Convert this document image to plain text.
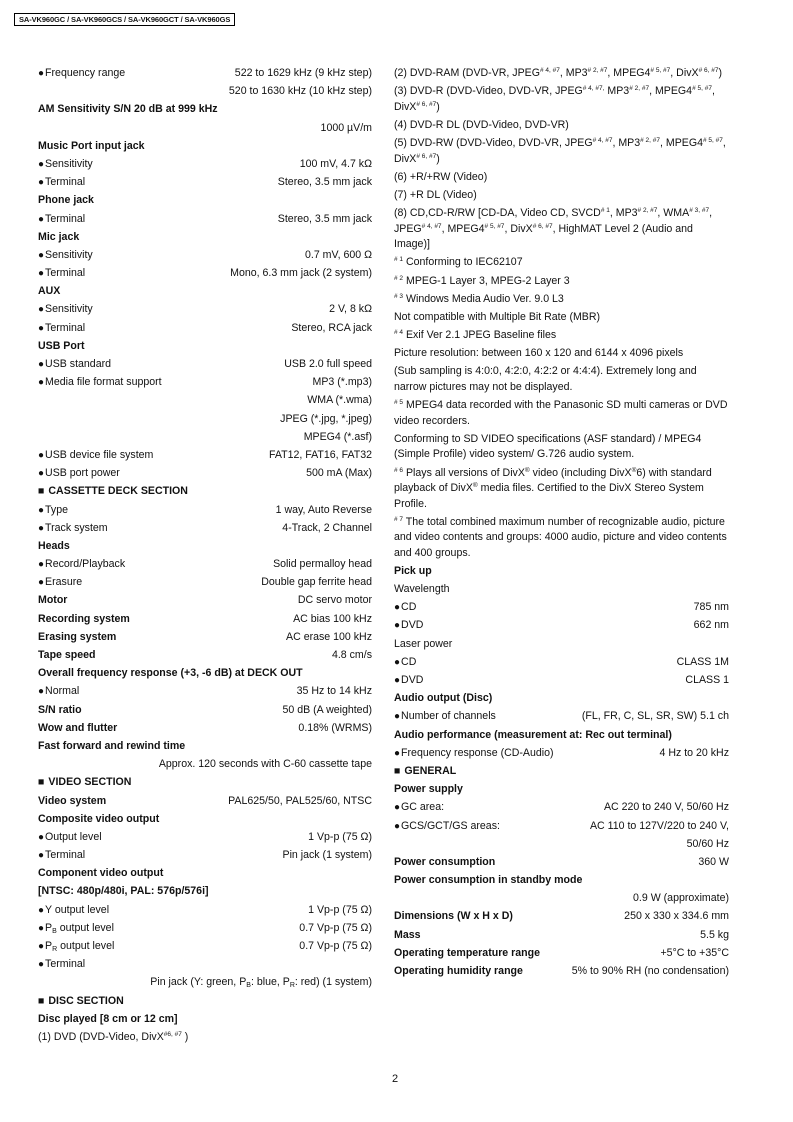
SA-VK960GC / SA-VK960GCS / SA-VK960GCT / SA-VK960GS
● Frequency range	522 to 1629 kHz (9 kHz step)
520 to 1630 kHz (10 kHz step)
AM Sensitivity S/N 20 dB at 999 kHz
1000 µV/m
Music Port input jack
● Sensitivity	100 mV, 4.7 kΩ
● Terminal	Stereo, 3.5 mm jack
Phone jack
● Terminal	Stereo, 3.5 mm jack
Mic jack
● Sensitivity	0.7 mV, 600 Ω
● Terminal	Mono, 6.3 mm jack (2 system)
AUX
● Sensitivity	2 V, 8 kΩ
● Terminal	Stereo, RCA jack
USB Port
● USB standard	USB 2.0 full speed
● Media file format support	MP3 (*.mp3)
WMA (*.wma)
JPEG (*.jpg, *.jpeg)
MPEG4 (*.asf)
● USB device file system	FAT12, FAT16, FAT32
● USB port power	500 mA (Max)
■ CASSETTE DECK SECTION
● Type	1 way, Auto Reverse
● Track system	4-Track, 2 Channel
Heads
● Record/Playback	Solid permalloy head
● Erasure	Double gap ferrite head
Motor	DC servo motor
Recording system	AC bias 100 kHz
Erasing system	AC erase 100 kHz
Tape speed	4.8 cm/s
Overall frequency response (+3, -6 dB) at DECK OUT
● Normal	35 Hz to 14 kHz
S/N ratio	50 dB (A weighted)
Wow and flutter	0.18% (WRMS)
Fast forward and rewind time
Approx. 120 seconds with C-60 cassette tape
■ VIDEO SECTION
Video system	PAL625/50, PAL525/60, NTSC
Composite video output
● Output level	1 Vp-p (75 Ω)
● Terminal	Pin jack (1 system)
Component video output
[NTSC: 480p/480i, PAL: 576p/576i]
● Y output level	1 Vp-p (75 Ω)
● $P_B$ output level	0.7 Vp-p (75 Ω)
● $P_R$ output level	0.7 Vp-p (75 Ω)
● Terminal
Pin jack (Y: green, $P_B$: blue, $P_R$: red) (1 system)
■ DISC SECTION
Disc played [8 cm or 12 cm]
(1) DVD (DVD-Video, DivX$^{\#6, \#7}$ )
(2) DVD-RAM (DVD-VR, $JPEG^{\# 4, \#7}$, $MP3^{\# 2, \#7}$, $MPEG4^{\# 5, \#7}$, DivX$^{\# 6, \#7}$)
(3) DVD-R (DVD-Video, DVD-VR, $JPEG^{\# 4, \#7,}$ $MP3^{\# 2, \#7}$, $MPEG4^{\# 5, \#7}$, DivX$^{\# 6, \#7}$)
(4) DVD-R DL (DVD-Video, DVD-VR)
(5) DVD-RW (DVD-Video, DVD-VR, $JPEG^{\# 4, \#7}$, $MP3^{\# 2, \#7}$, $MPEG4^{\# 5, \#7}$, DivX$^{\# 6, \#7}$)
(6) +R/+RW (Video)
(7) +R DL (Video)
(8) CD,CD-R/RW [CD-DA, Video CD, SVCD$^{\# 1}$, $MP3^{\# 2, \#7}$, $WMA^{\# 3, \#7}$, $JPEG^{\# 4, \#7}$, $MPEG4^{\# 5, \#7}$, DivX$^{\# 6, \#7}$, HighMAT Level 2 (Audio and Image)]
$^{\# 1}$ Conforming to IEC62107
$^{\# 2}$ MPEG-1 Layer 3, MPEG-2 Layer 3
$^{\# 3}$ Windows Media Audio Ver. 9.0 L3
Not compatible with Multiple Bit Rate (MBR)
$^{\# 4}$ Exif Ver 2.1 JPEG Baseline files
Picture resolution: between 160 x 120 and 6144 x 4096 pixels
(Sub sampling is 4:0:0, 4:2:0, 4:2:2 or 4:4:4). Extremely long and narrow pictures may not be displayed.
$^{\# 5}$ MPEG4 data recorded with the Panasonic SD multi cameras or DVD video recorders.
Conforming to SD VIDEO specifications (ASF standard) / MPEG4 (Simple Profile) video system/ G.726 audio system.
$^{\# 6}$ Plays all versions of DivX® video (including DivX®6) with standard playback of DivX® media files. Certified to the DivX Stereo System Profile.
$^{\# 7}$ The total combined maximum number of recognizable audio, picture and video contents and groups: 4000 audio, picture and video contents and 400 groups.
Pick up
Wavelength
● CD	785 nm
● DVD	662 nm
Laser power
● CD	CLASS 1M
● DVD	CLASS 1
Audio output (Disc)
● Number of channels	(FL, FR, C, SL, SR, SW) 5.1 ch
Audio performance (measurement at: Rec out terminal)
● Frequency response (CD-Audio)	4 Hz to 20 kHz
■ GENERAL
Power supply
● GC area:	AC 220 to 240 V, 50/60 Hz
● GCS/GCT/GS areas:	AC 110 to 127V/220 to 240 V,
50/60 Hz
Power consumption	360 W
Power consumption in standby mode
0.9 W (approximate)
Dimensions (W x H x D)	250 x 330 x 334.6 mm
Mass	5.5 kg
Operating temperature range	+5°C to +35°C
Operating humidity range	5% to 90% RH (no condensation)
2
